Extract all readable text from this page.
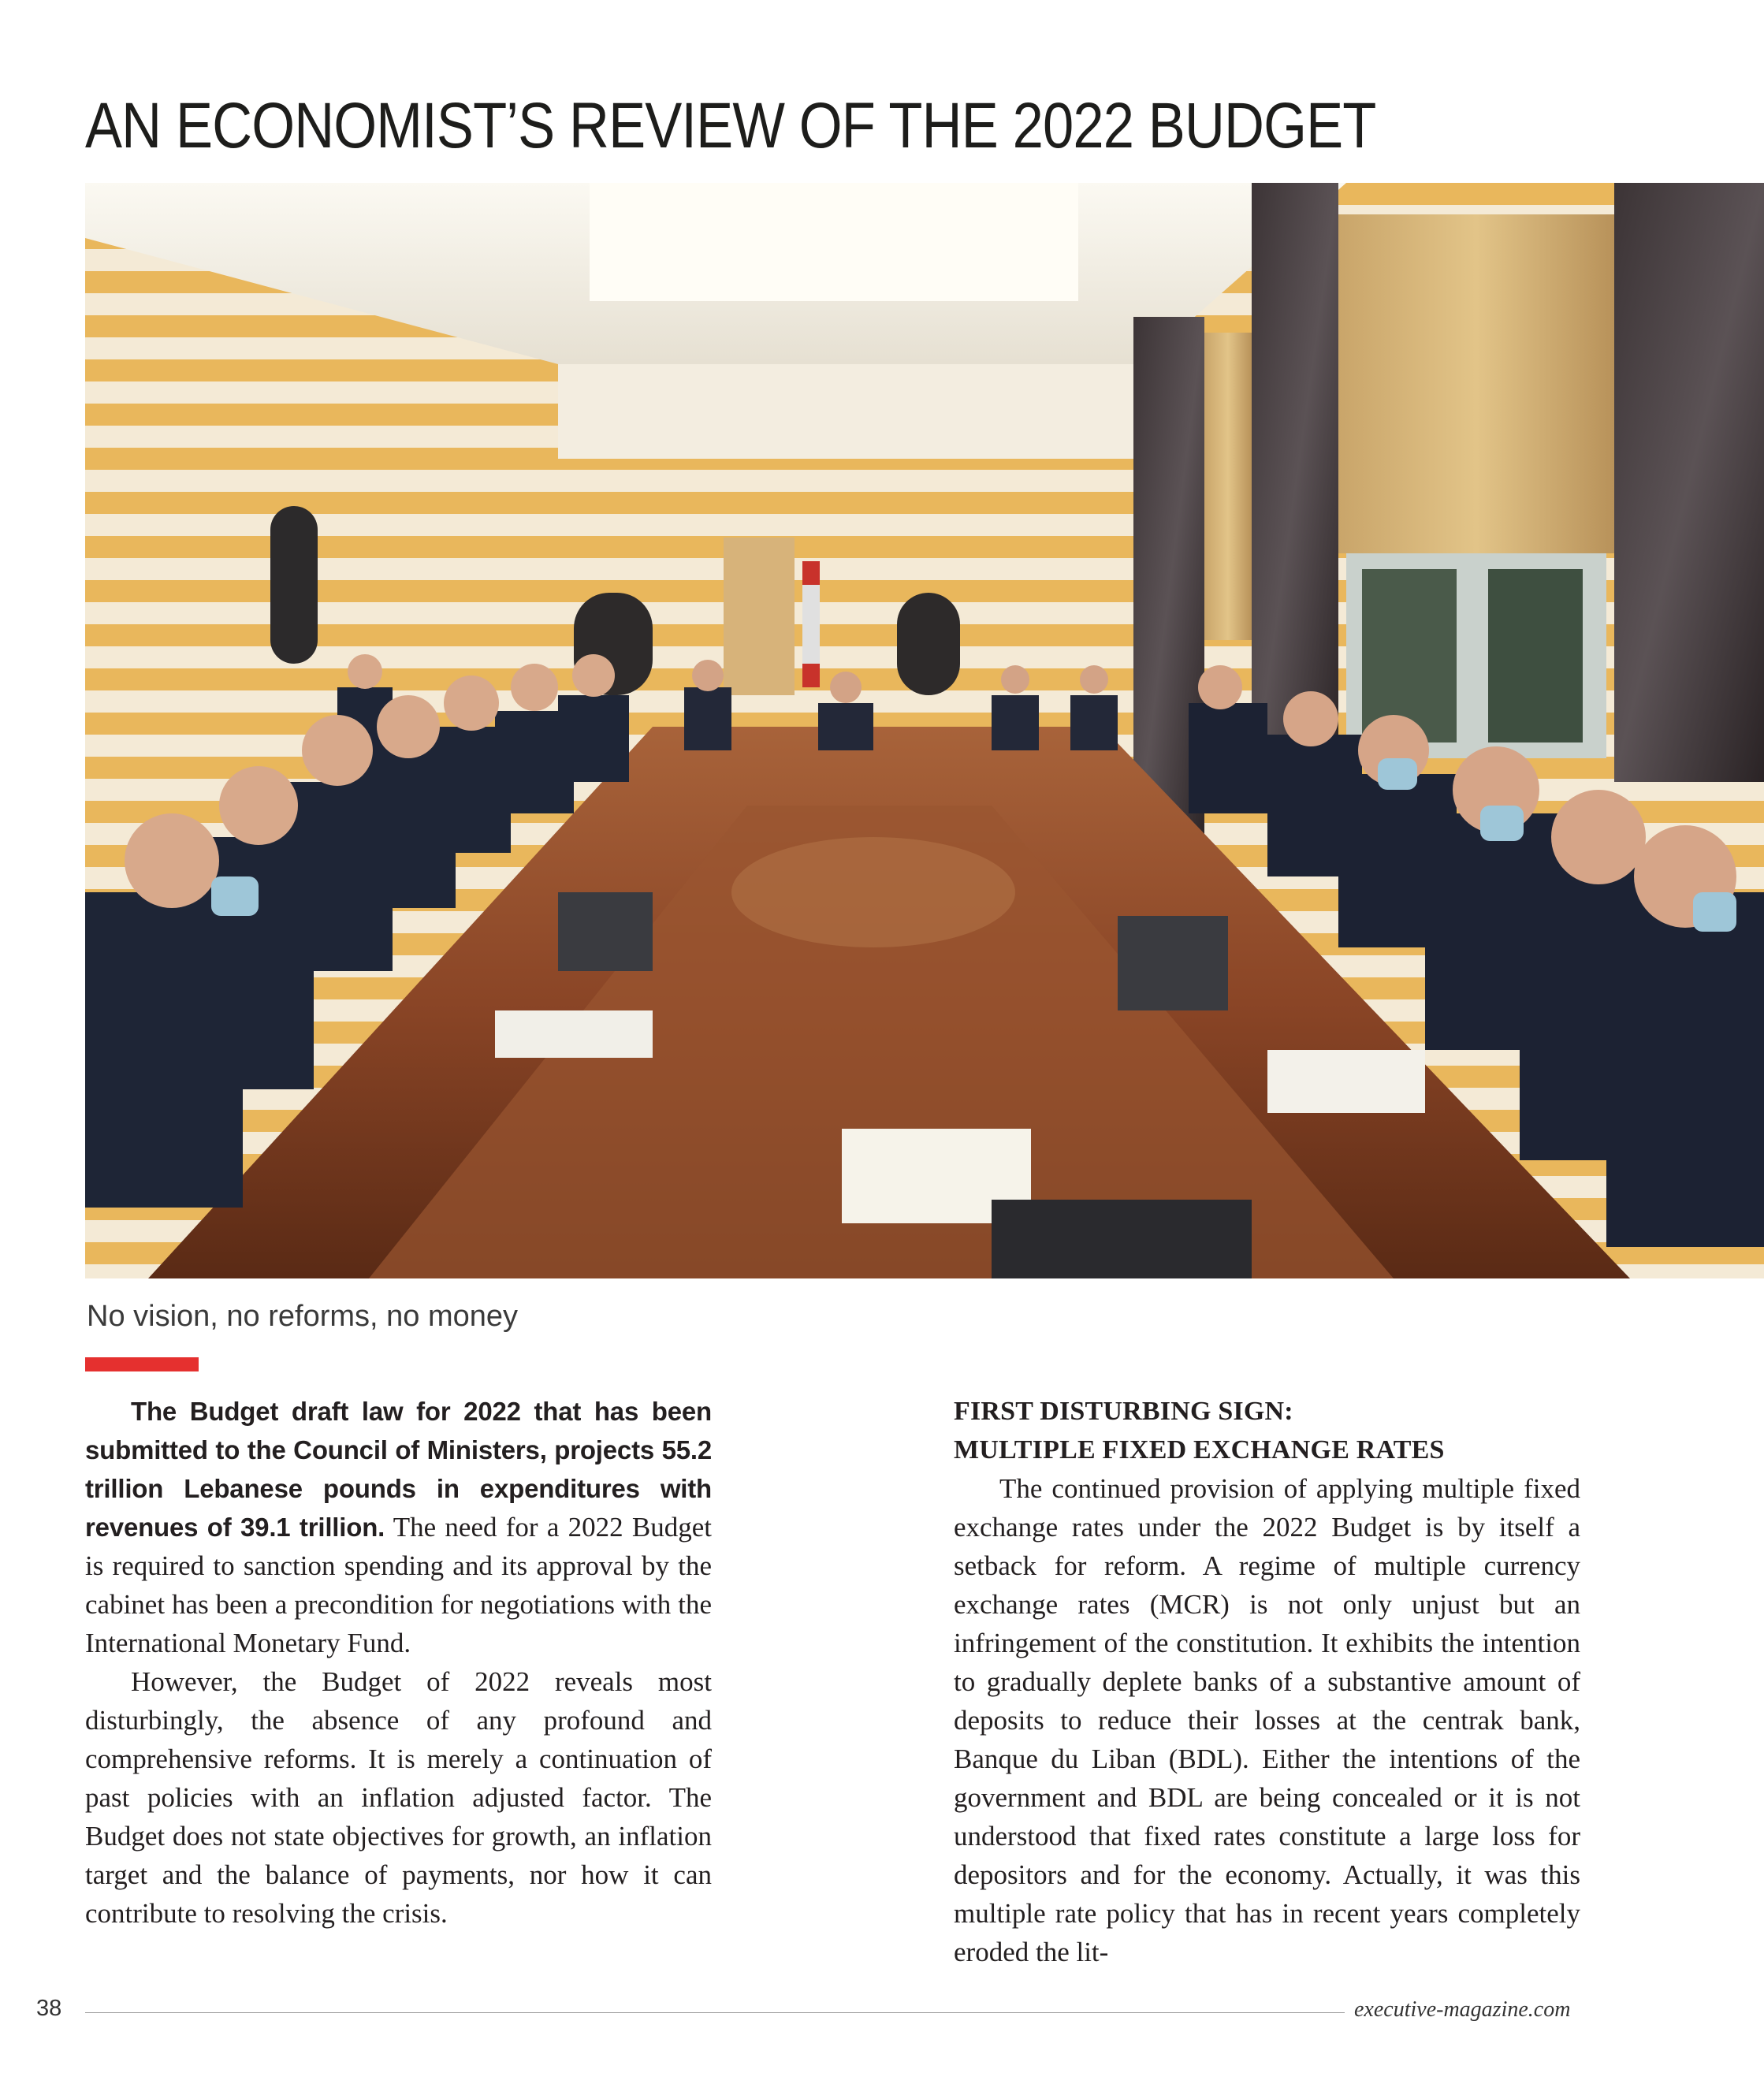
AN ECONOMIST’S REVIEW OF THE 2022 BUDGET
No vision, no reforms, no money

The Budget draft law for 2022 that has been submitted to the Council of Ministers, projects 55.2 trillion Lebanese pounds in expenditures with revenues of 39.1 trillion. The need for a 2022 Budget is required to sanction spending and its approval by the cabinet has been a precondition for negotiations with the International Monetary Fund.

However, the Budget of 2022 reveals most disturbingly, the absence of any profound and comprehensive reforms. It is merely a continuation of past policies with an inflation adjusted factor. The Budget does not state objectives for growth, an inflation target and the balance of payments, nor how it can contribute to resolving the crisis.

FIRST DISTURBING SIGN:
MULTIPLE FIXED EXCHANGE RATES

The continued provision of applying multiple fixed exchange rates under the 2022 Budget is by itself a setback for reform. A regime of multiple currency exchange rates (MCR) is not only unjust but an infringement of the constitution. It exhibits the intention to gradually deplete banks of a substantive amount of deposits to reduce their losses at the centrak bank, Banque du Liban (BDL). Either the intentions of the government and BDL are being concealed or it is not understood that fixed rates constitute a large loss for depositors and for the economy. Actually, it was this multiple rate policy that has in recent years completely eroded the lit-

38	executive-magazine.com
